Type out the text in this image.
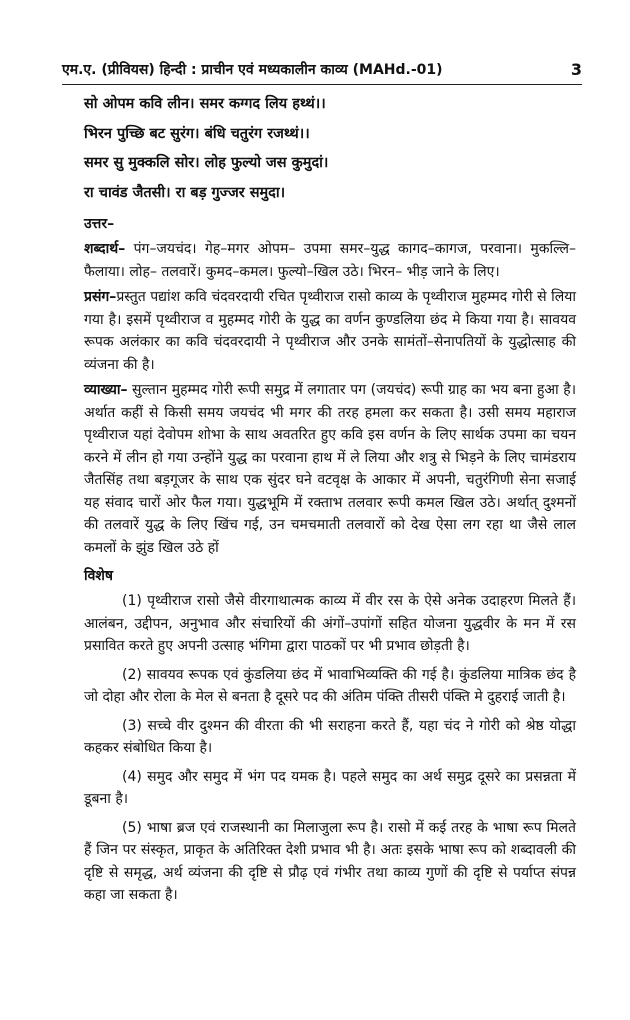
एम.ए. (प्रीवियस) हिन्दी : प्राचीन एवं मध्यकालीन काव्य (MAHd.-01)	3
सो ओपम कवि लीन। समर कग्गद लिय हथ्थं।।
भिरन पुच्छि बट सुरंग। बंधि चतुरंग रजथ्थं।।
समर सु मुक्कलि सोर। लोह फुल्यो जस कुमुदां।
रा चावंड जैतसी। रा बड़ गुज्जर समुदा।
उत्तर–

शब्दार्थ– पंग–जयचंद। गेह–मगर ओपम– उपमा समर–युद्ध कागद–कागज, परवाना। मुकल्लि– फैलाया। लोह– तलवारें। कुमद–कमल। फुल्यो–खिल उठे। भिरन– भीड़ जाने के लिए।

प्रसंग–प्रस्तुत पद्यांश कवि चंदवरदायी रचित पृथ्वीराज रासो काव्य के पृथ्वीराज मुहम्मद गोरी से लिया गया है। इसमें पृथ्वीराज व मुहम्मद गोरी के युद्ध का वर्णन कुण्डलिया छंद मे किया गया है। सावयव रूपक अलंकार का कवि चंदवरदायी ने पृथ्वीराज और उनके सामंतों–सेनापतियों के युद्धोत्साह की व्यंजना की है।

व्याख्या– सुल्तान मुहम्मद गोरी रूपी समुद्र में लगातार पग (जयचंद) रूपी ग्राह का भय बना हुआ है। अर्थात कहीं से किसी समय जयचंद भी मगर की तरह हमला कर सकता है। उसी समय महाराज पृथ्वीराज यहां देवोपम शोभा के साथ अवतरित हुए कवि इस वर्णन के लिए सार्थक उपमा का चयन करने में लीन हो गया उन्होंने युद्ध का परवाना हाथ में ले लिया और शत्रु से भिड़ने के लिए चामंडराय जैतसिंह तथा बड़गूजर के साथ एक सुंदर घने वटवृक्ष के आकार में अपनी, चतुरंगिणी सेना सजाई यह संवाद चारों ओर फैल गया। युद्धभूमि में रक्ताभ तलवार रूपी कमल खिल उठे। अर्थात् दुश्मनों की तलवारें युद्ध के लिए खिंच गई, उन चमचमाती तलवारों को देख ऐसा लग रहा था जैसे लाल कमलों के झुंड खिल उठे हों

विशेष

(1) पृथ्वीराज रासो जैसे वीरगाथात्मक काव्य में वीर रस के ऐसे अनेक उदाहरण मिलते हैं। आलंबन, उद्दीपन, अनुभाव और संचारियों की अंगों–उपांगों सहित योजना युद्धवीर के मन में रस प्रसावित करते हुए अपनी उत्साह भंगिमा द्वारा पाठकों पर भी प्रभाव छोड़ती है।

(2) सावयव रूपक एवं कुंडलिया छंद में भावाभिव्यक्ति की गई है। कुंडलिया मात्रिक छंद है जो दोहा और रोला के मेल से बनता है दूसरे पद की अंतिम पंक्ति तीसरी पंक्ति मे दुहराई जाती है।

(3) सच्चे वीर दुश्मन की वीरता की भी सराहना करते हैं, यहा चंद ने गोरी को श्रेष्ठ योद्धा कहकर संबोधित किया है।

(4) समुद और समुद में भंग पद यमक है। पहले समुद का अर्थ समुद्र दूसरे का प्रसन्नता में डूबना है।

(5) भाषा ब्रज एवं राजस्थानी का मिलाजुला रूप है। रासो में कई तरह के भाषा रूप मिलते हैं जिन पर संस्कृत, प्राकृत के अतिरिक्त देशी प्रभाव भी है। अतः इसके भाषा रूप को शब्दावली की दृष्टि से समृद्ध, अर्थ व्यंजना की दृष्टि से प्रौढ़ एवं गंभीर तथा काव्य गुणों की दृष्टि से पर्याप्त संपन्न कहा जा सकता है।
